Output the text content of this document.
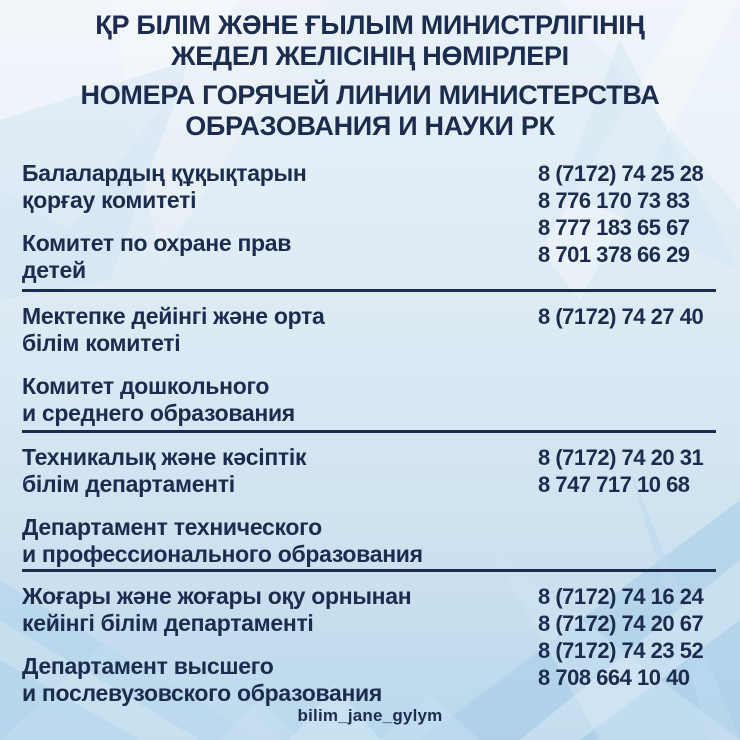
ҚР БІЛІМ ЖӘНЕ ҒЫЛЫМ МИНИСТРЛІГІНІҢ
ЖЕДЕЛ ЖЕЛІСІНІҢ НӨМІРЛЕРІ
НОМЕРА ГОРЯЧЕЙ ЛИНИИ МИНИСТЕРСТВА
ОБРАЗОВАНИЯ И НАУКИ РК
Балалардың құқықтарын
қорғау комитеті
Комитет по охране прав
детей
8 (7172) 74 25 28
8 776 170 73 83
8 777 183 65 67
8 701 378 66 29
Мектепке дейінгі және орта
білім комитеті
Комитет дошкольного
и среднего образования
8 (7172) 74 27 40
Техникалық және кәсіптік
білім департаменті
Департамент технического
и профессионального образования
8 (7172) 74 20 31
8 747 717 10 68
Жоғары және жоғары оқу орнынан
кейінгі білім департаменті
Департамент высшего
и послевузовского образования
8 (7172) 74 16 24
8 (7172) 74 20 67
8 (7172) 74 23 52
8 708 664 10 40
bilim_jane_gylym
